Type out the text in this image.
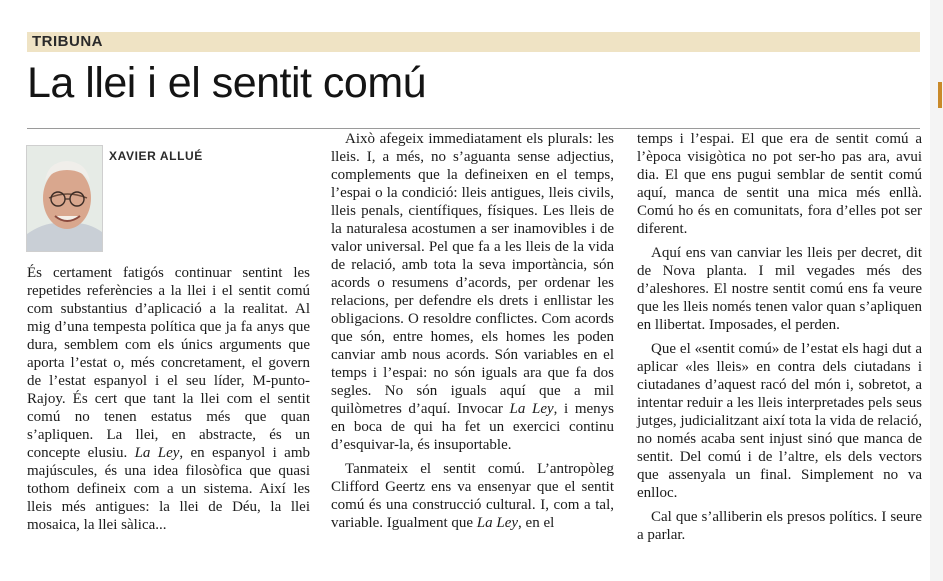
TRIBUNA
La llei i el sentit comú
XAVIER ALLUÉ

És certament fatigós continuar sentint les repetides referències a la llei i el sentit comú com substantius d’aplicació a la realitat. Al mig d’una tempesta política que ja fa anys que dura, semblem com els únics arguments que aporta l’estat o, més concretament, el govern de l’estat espanyol i el seu líder, M-punto-Rajoy. És cert que tant la llei com el sentit comú no tenen estatus més que quan s’apliquen. La llei, en abstracte, és un concepte elusiu. La Ley, en espanyol i amb majúscules, és una idea filosòfica que quasi tothom defineix com a un sistema. Així les lleis més antigues: la llei de Déu, la llei mosaica, la llei sàlica...

Això afegeix immediatament els plurals: les lleis. I, a més, no s’aguanta sense adjectius, complements que la defineixen en el temps, l’espai o la condició: lleis antigues, lleis civils, lleis penals, científiques, físiques. Les lleis de la naturalesa acostumen a ser inamovibles i de valor universal. Pel que fa a les lleis de la vida de relació, amb tota la seva importància, són acords o resumens d’acords, per ordenar les relacions, per defendre els drets i enllistar les obligacions. O resoldre conflictes. Com acords que són, entre homes, els homes les poden canviar amb nous acords. Són variables en el temps i l’espai: no són iguals ara que fa dos segles. No són iguals aquí que a mil quilòmetres d’aquí. Invocar La Ley, i menys en boca de qui ha fet un exercici continu d’esquivar-la, és insuportable.

Tanmateix el sentit comú. L’antropòleg Clifford Geertz ens va ensenyar que el sentit comú és una construcció cultural. I, com a tal, variable. Igualment que La Ley, en el

temps i l’espai. El que era de sentit comú a l’època visigòtica no pot ser-ho pas ara, avui dia. El que ens pugui semblar de sentit comú aquí, manca de sentit una mica més enllà. Comú ho és en comunitats, fora d’elles pot ser diferent.

Aquí ens van canviar les lleis per decret, dit de Nova planta. I mil vegades més des d’aleshores. El nostre sentit comú ens fa veure que les lleis només tenen valor quan s’apliquen en llibertat. Imposades, el perden.

Que el «sentit comú» de l’estat els hagi dut a aplicar «les lleis» en contra dels ciutadans i ciutadanes d’aquest racó del món i, sobretot, a intentar reduir a les lleis interpretades pels seus jutges, judicialitzant així tota la vida de relació, no només acaba sent injust sinó que manca de sentit. Del comú i de l’altre, els dels vectors que assenyala un final. Simplement no va enlloc.

Cal que s’alliberin els presos polítics. I seure a parlar.
